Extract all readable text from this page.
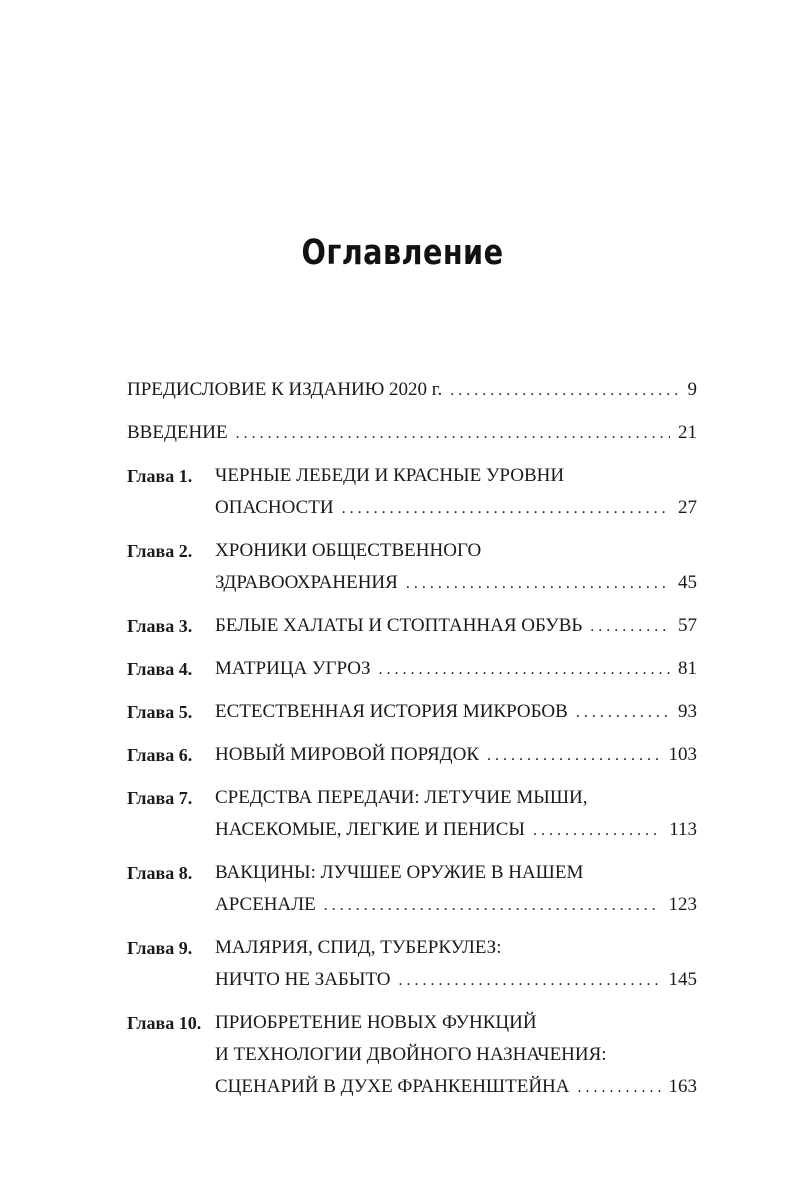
Оглавление
ПРЕДИСЛОВИЕ К ИЗДАНИЮ 2020 г. . . .	9
ВВЕДЕНИЕ . . .	21
Глава 1.	ЧЕРНЫЕ ЛЕБЕДИ И КРАСНЫЕ УРОВНИ
ОПАСНОСТИ . . .	27
Глава 2.	ХРОНИКИ ОБЩЕСТВЕННОГО
ЗДРАВООХРАНЕНИЯ . . .	45
Глава 3.	БЕЛЫЕ ХАЛАТЫ И СТОПТАННАЯ ОБУВЬ . . .	57
Глава 4.	МАТРИЦА УГРОЗ . . .	81
Глава 5.	ЕСТЕСТВЕННАЯ ИСТОРИЯ МИКРОБОВ . . .	93
Глава 6.	НОВЫЙ МИРОВОЙ ПОРЯДОК . . .	103
Глава 7.	СРЕДСТВА ПЕРЕДАЧИ: ЛЕТУЧИЕ МЫШИ,
НАСЕКОМЫЕ, ЛЕГКИЕ И ПЕНИСЫ . . .	113
Глава 8.	ВАКЦИНЫ: ЛУЧШЕЕ ОРУЖИЕ В НАШЕМ
АРСЕНАЛЕ . . .	123
Глава 9.	МАЛЯРИЯ, СПИД, ТУБЕРКУЛЕЗ:
НИЧТО НЕ ЗАБЫТО . . .	145
Глава 10. ПРИОБРЕТЕНИЕ НОВЫХ ФУНКЦИЙ
И ТЕХНОЛОГИИ ДВОЙНОГО НАЗНАЧЕНИЯ:
СЦЕНАРИЙ В ДУХЕ ФРАНКЕНШТЕЙНА . . .	163
